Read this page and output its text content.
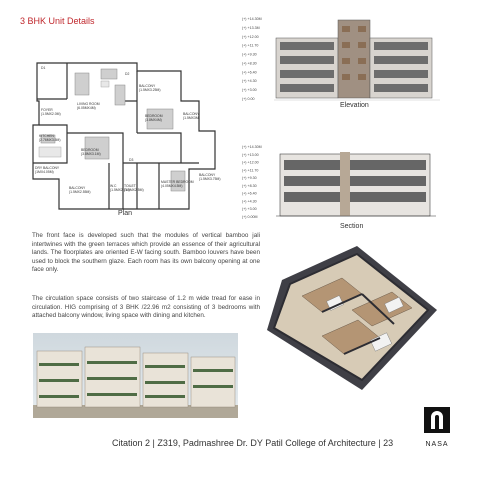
3 BHK Unit Details
D1
D2
D3
FOYER (1.5MX2.0M)
LIVING ROOM (6.05MX4M)
BALCONY (1.5MX3.25M)
KITCHEN (2.76MX3.5M)
BEDROOM (3.8MX4M)
BALCONY (1.5MX3M)
DRY BALCONY (1MX4.05M)
BEDROOM (3.8MX3.1M)
BALCONY (1.5MX2.55M)
W.C (1.5MX2.7M)
TOILET (1.5MX2.5M)
MASTER BEDROOM (4.05MX4.5M)
BALCONY (1.5MX3.75M)
Plan
(+) +14.30M
(+) +13.3M
(+) +12.00
(+) +11.70
(+) +9.30
(+) +8.30
(+) +6.40
(+) +4.30
(+) +3.00
(+) 0.00
Elevation
(+) +14.30M
(+) +13.00
(+) +12.00
(+) +11.70
(+) +9.30
(+) +8.30
(+) +6.40
(+) +4.30
(+) +3.00
(+) 0.00M
Section
The front face is developed such that the modules of vertical bamboo jali intertwines with the green terraces which provide an essence of their agricultural lands. The floorplates are oriented E-W facing south. Bamboo louvers have been used to block the southern glaze. Each room has its own balcony opening at one face only.
The circulation space consists of two staircase of 1.2 m wide tread for ease in circulation. HIG comprising of 3 BHK /22.96 m2 consisting of 3 bedrooms with attached balcony window, living space with dining and kitchen.
Citation 2 | Z319, Padmashree Dr. DY Patil College of Architecture | 23	NASA
